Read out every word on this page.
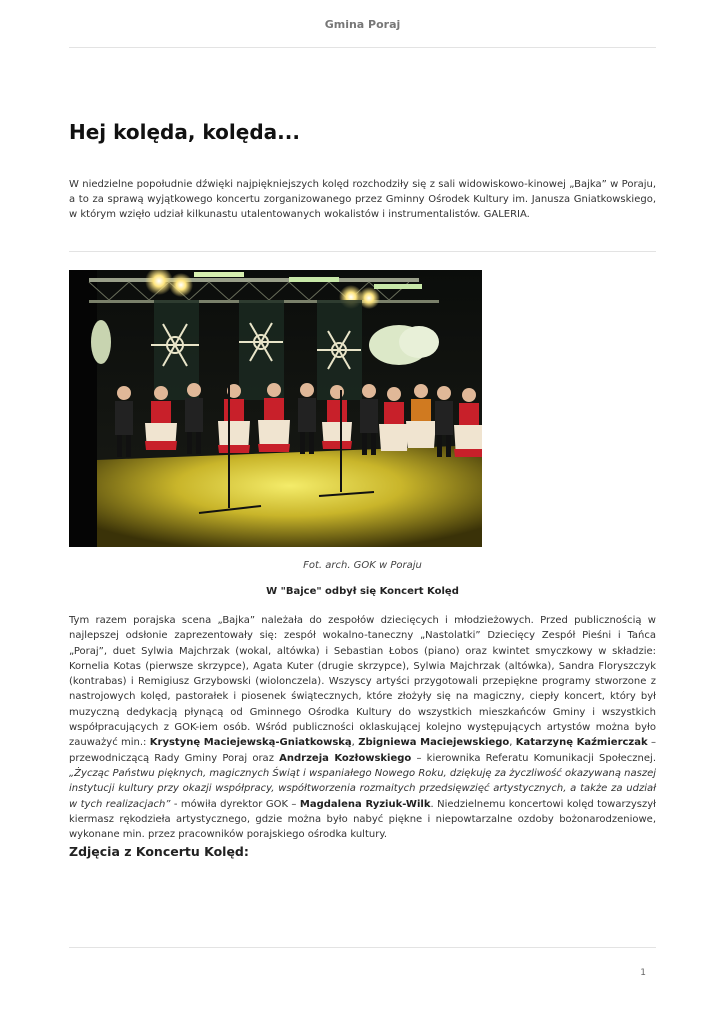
Gmina Poraj
Hej kolęda, kolęda...

W niedzielne popołudnie dźwięki najpiękniejszych kolęd rozchodziły się z sali widowiskowo-kinowej „Bajka” w Poraju, a to za sprawą wyjątkowego koncertu zorganizowanego przez Gminny Ośrodek Kultury im. Janusza Gniatkowskiego, w którym wzięło udział kilkunastu utalentowanych wokalistów i instrumentalistów. GALERIA.

Fot. arch. GOK w Poraju

W "Bajce" odbył się Koncert Kolęd

Tym razem porajska scena „Bajka” należała do zespołów dziecięcych i młodzieżowych. Przed publicznością w najlepszej odsłonie zaprezentowały się: zespół wokalno-taneczny „Nastolatki” Dziecięcy Zespół Pieśni i Tańca „Poraj”, duet Sylwia Majchrzak (wokal, altówka) i Sebastian Łobos (piano) oraz kwintet smyczkowy w składzie: Kornelia Kotas (pierwsze skrzypce), Agata Kuter (drugie skrzypce), Sylwia Majchrzak (altówka), Sandra Floryszczyk (kontrabas) i Remigiusz Grzybowski (wiolonczela). Wszyscy artyści przygotowali przepiękne programy stworzone z nastrojowych kolęd, pastorałek i piosenek świątecznych, które złożyły się na magiczny, ciepły koncert, który był muzyczną dedykacją płynącą od Gminnego Ośrodka Kultury do wszystkich mieszkańców Gminy i wszystkich współpracujących z GOK-iem osób. Wśród publiczności oklaskującej kolejno występujących artystów można było zauważyć min.: Krystynę Maciejewską-Gniatkowską, Zbigniewa Maciejewskiego, Katarzynę Kaźmierczak – przewodniczącą Rady Gminy Poraj oraz Andrzeja Kozłowskiego – kierownika Referatu Komunikacji Społecznej. „Życząc Państwu pięknych, magicznych Świąt i wspaniałego Nowego Roku, dziękuję za życzliwość okazywaną naszej instytucji kultury przy okazji współpracy, współtworzenia rozmaitych przedsięwzięć artystycznych, a także za udział w tych realizacjach” - mówiła dyrektor GOK – Magdalena Ryziuk-Wilk. Niedzielnemu koncertowi kolęd towarzyszył kiermasz rękodzieła artystycznego, gdzie można było nabyć piękne i niepowtarzalne ozdoby bożonarodzeniowe, wykonane min. przez pracowników porajskiego ośrodka kultury.

Zdjęcia z Koncertu Kolęd:
1
